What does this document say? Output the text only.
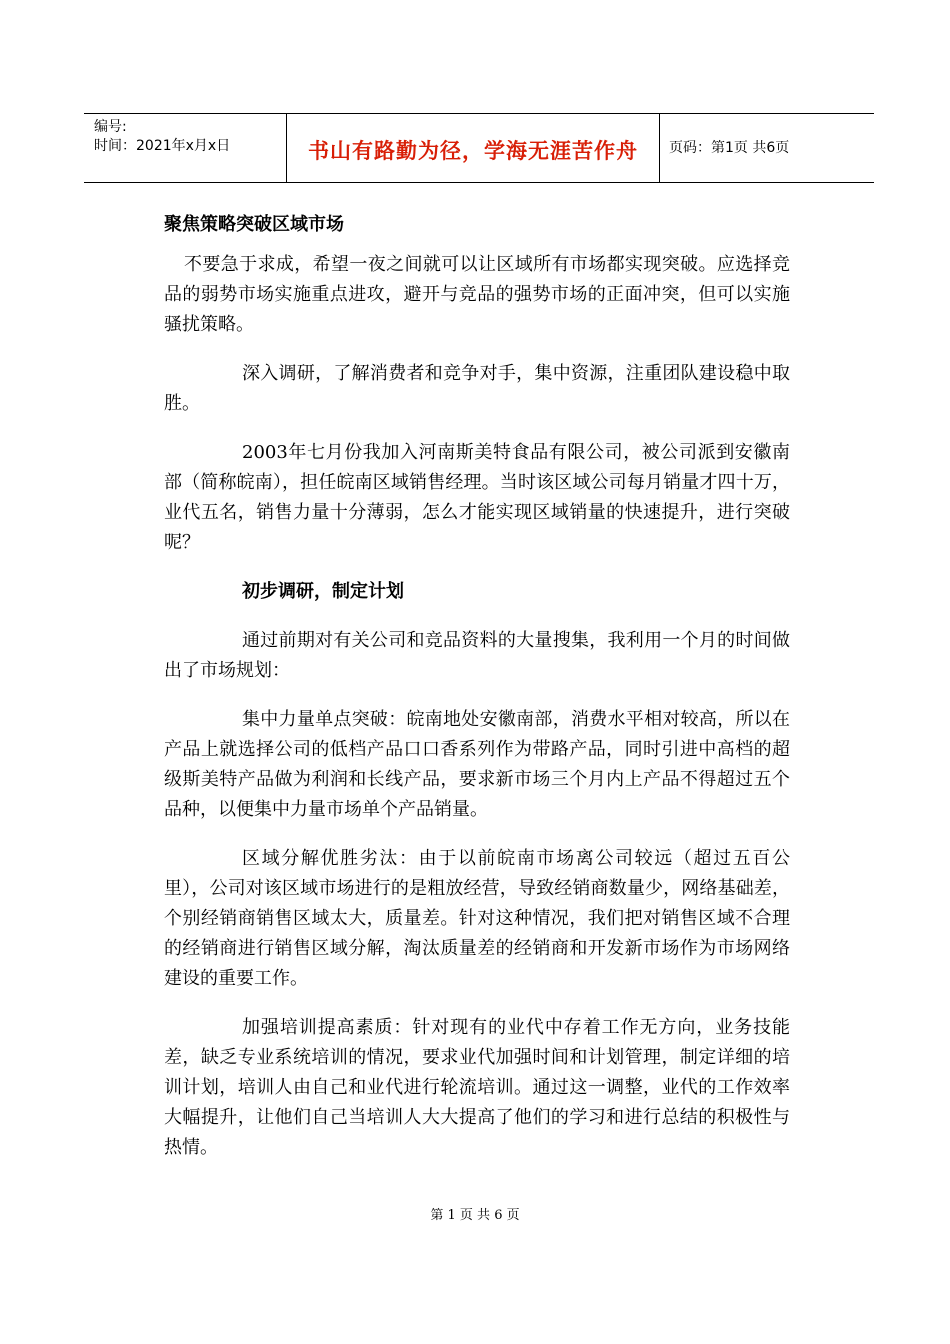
编号:
时间：2021年x月x日	书山有路勤为径，学海无涯苦作舟	页码：第1页 共6页
聚焦策略突破区域市场

不要急于求成，希望一夜之间就可以让区域所有市场都实现突破。应选择竞品的弱势市场实施重点进攻，避开与竞品的强势市场的正面冲突，但可以实施骚扰策略。

深入调研，了解消费者和竞争对手，集中资源，注重团队建设稳中取胜。

2003年七月份我加入河南斯美特食品有限公司，被公司派到安徽南部（简称皖南），担任皖南区域销售经理。当时该区域公司每月销量才四十万，业代五名，销售力量十分薄弱，怎么才能实现区域销量的快速提升，进行突破呢？

初步调研，制定计划

通过前期对有关公司和竞品资料的大量搜集，我利用一个月的时间做出了市场规划：

集中力量单点突破：皖南地处安徽南部，消费水平相对较高，所以在产品上就选择公司的低档产品口口香系列作为带路产品，同时引进中高档的超级斯美特产品做为利润和长线产品，要求新市场三个月内上产品不得超过五个品种，以便集中力量市场单个产品销量。

区域分解优胜劣汰：由于以前皖南市场离公司较远（超过五百公里），公司对该区域市场进行的是粗放经营，导致经销商数量少，网络基础差，个别经销商销售区域太大，质量差。针对这种情况，我们把对销售区域不合理的经销商进行销售区域分解，淘汰质量差的经销商和开发新市场作为市场网络建设的重要工作。

加强培训提高素质：针对现有的业代中存着工作无方向，业务技能差，缺乏专业系统培训的情况，要求业代加强时间和计划管理，制定详细的培训计划，培训人由自己和业代进行轮流培训。通过这一调整，业代的工作效率大幅提升，让他们自己当培训人大大提高了他们的学习和进行总结的积极性与热情。

第 1 页 共 6 页
